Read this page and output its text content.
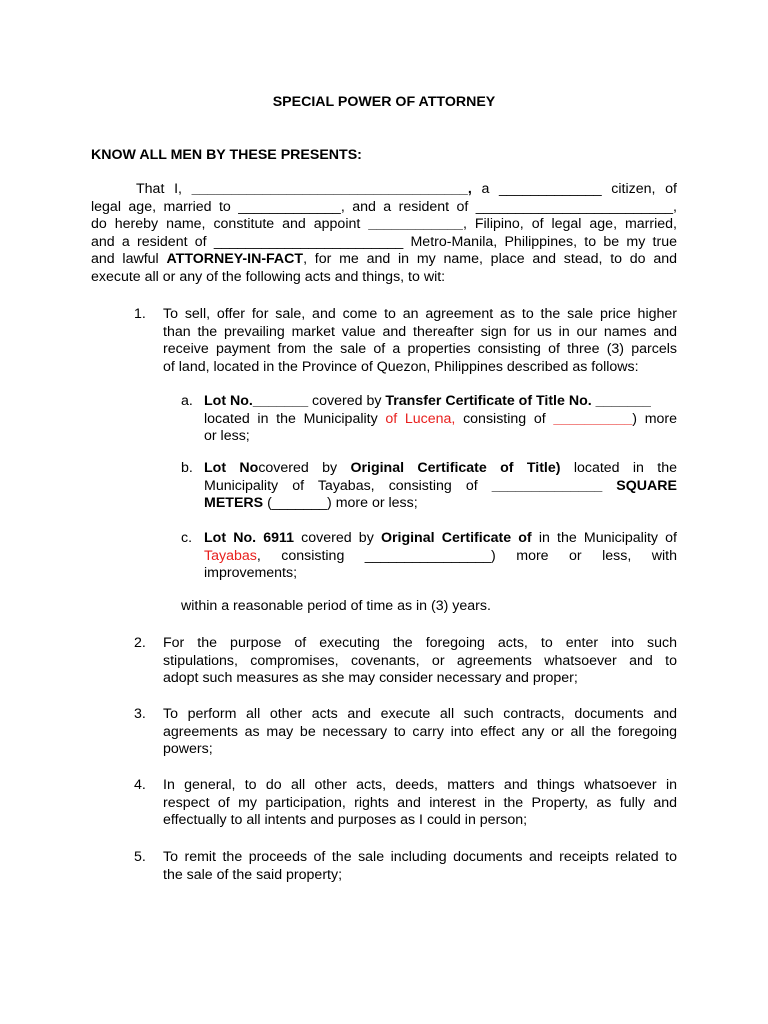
SPECIAL POWER OF ATTORNEY
KNOW ALL MEN BY THESE PRESENTS:
That I, ___________________________________, a _____________ citizen, of
legal age, married to _____________, and a resident of _________________________,
do hereby name, constitute and appoint ____________, Filipino, of legal age, married,
and a resident of ________________________ Metro-Manila, Philippines, to be my true
and lawful ATTORNEY-IN-FACT, for me and in my name, place and stead, to do and
execute all or any of the following acts and things, to wit:
1. To sell, offer for sale, and come to an agreement as to the sale price higher
than the prevailing market value and thereafter sign for us in our names and
receive payment from the sale of a properties consisting of three (3) parcels
of land, located in the Province of Quezon, Philippines described as follows:
a. Lot No._______ covered by Transfer Certificate of Title No. _______
located in the Municipality of Lucena, consisting of __________) more
or less;
b. Lot Nocovered by Original Certificate of Title) located in the
Municipality of Tayabas, consisting of ______________ SQUARE
METERS (_______) more or less;
c. Lot No. 6911 covered by Original Certificate of in the Municipality of
Tayabas, consisting ________________) more or less, with
improvements;
within a reasonable period of time as in (3) years.
2. For the purpose of executing the foregoing acts, to enter into such
stipulations, compromises, covenants, or agreements whatsoever and to
adopt such measures as she may consider necessary and proper;
3. To perform all other acts and execute all such contracts, documents and
agreements as may be necessary to carry into effect any or all the foregoing
powers;
4. In general, to do all other acts, deeds, matters and things whatsoever in
respect of my participation, rights and interest in the Property, as fully and
effectually to all intents and purposes as I could in person;
5. To remit the proceeds of the sale including documents and receipts related to
the sale of the said property;
